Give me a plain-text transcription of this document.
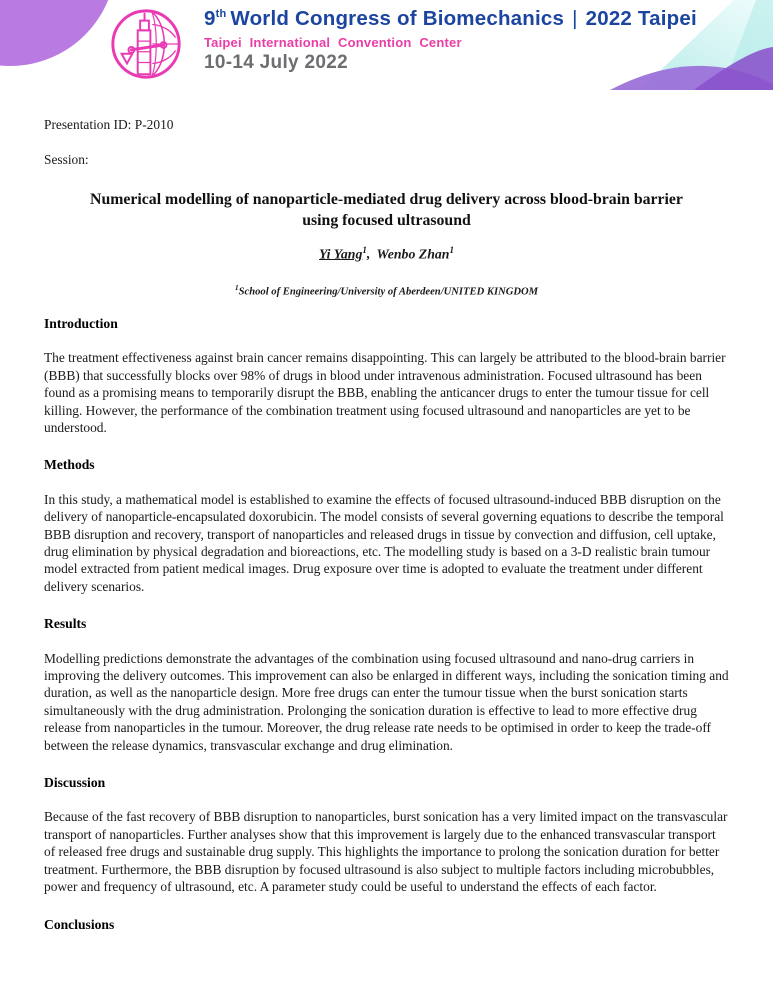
9th World Congress of Biomechanics | 2022 Taipei
Taipei International Convention Center
10-14 July 2022

Presentation ID: P-2010

Session:

Numerical modelling of nanoparticle-mediated drug delivery across blood-brain barrier
using focused ultrasound

Yi Yang$^1$, Wenbo Zhan$^1$

$^1$School of Engineering/University of Aberdeen/UNITED KINGDOM

Introduction

The treatment effectiveness against brain cancer remains disappointing. This can largely be attributed to the blood-brain barrier (BBB) that successfully blocks over 98% of drugs in blood under intravenous administration. Focused ultrasound has been found as a promising means to temporarily disrupt the BBB, enabling the anticancer drugs to enter the tumour tissue for cell killing. However, the performance of the combination treatment using focused ultrasound and nanoparticles are yet to be understood.

Methods

In this study, a mathematical model is established to examine the effects of focused ultrasound-induced BBB disruption on the delivery of nanoparticle-encapsulated doxorubicin. The model consists of several governing equations to describe the temporal BBB disruption and recovery, transport of nanoparticles and released drugs in tissue by convection and diffusion, cell uptake, drug elimination by physical degradation and bioreactions, etc. The modelling study is based on a 3-D realistic brain tumour model extracted from patient medical images. Drug exposure over time is adopted to evaluate the treatment under different delivery scenarios.

Results

Modelling predictions demonstrate the advantages of the combination using focused ultrasound and nano-drug carriers in improving the delivery outcomes. This improvement can also be enlarged in different ways, including the sonication timing and duration, as well as the nanoparticle design. More free drugs can enter the tumour tissue when the burst sonication starts simultaneously with the drug administration. Prolonging the sonication duration is effective to lead to more effective drug release from nanoparticles in the tumour. Moreover, the drug release rate needs to be optimised in order to keep the trade-off between the release dynamics, transvascular exchange and drug elimination.

Discussion

Because of the fast recovery of BBB disruption to nanoparticles, burst sonication has a very limited impact on the transvascular transport of nanoparticles. Further analyses show that this improvement is largely due to the enhanced transvascular transport of released free drugs and sustainable drug supply. This highlights the importance to prolong the sonication duration for better treatment. Furthermore, the BBB disruption by focused ultrasound is also subject to multiple factors including microbubbles, power and frequency of ultrasound, etc. A parameter study could be useful to understand the effects of each factor.

Conclusions
